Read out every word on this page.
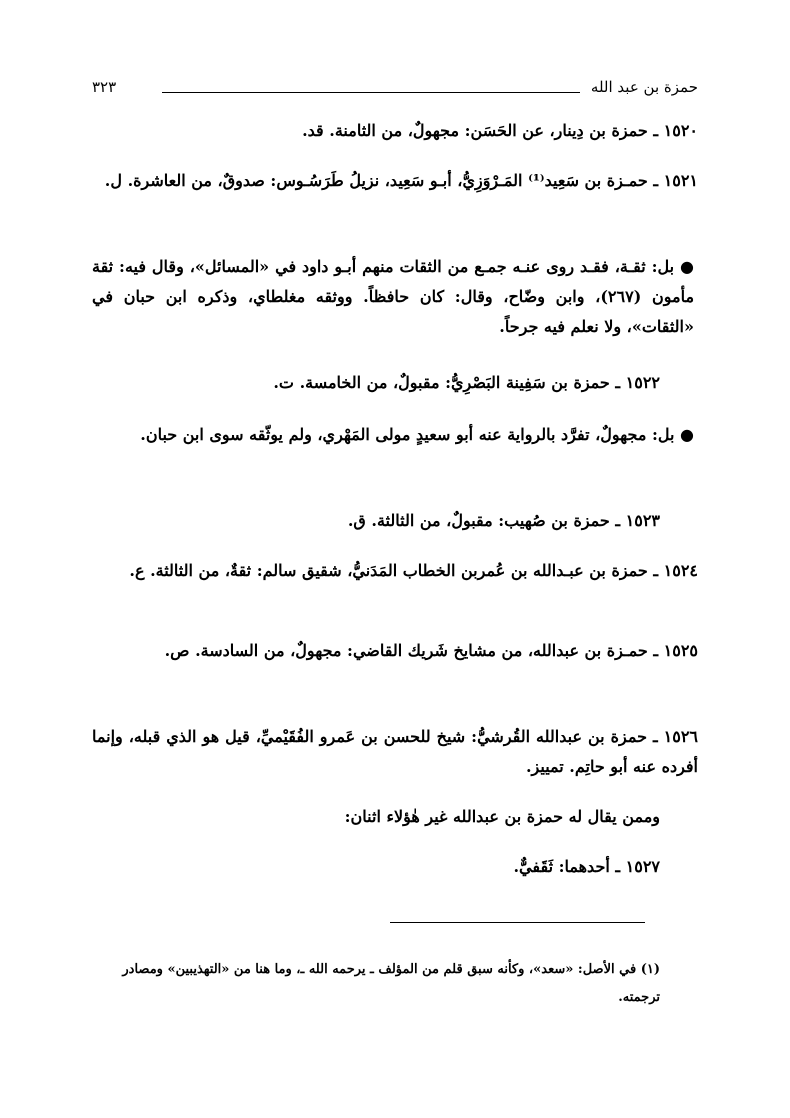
حمزة بن عبد الله
٣٢٣
١٥٢٠ ـ حمزة بن دِينار، عن الحَسَن: مجهولٌ، من الثامنة. قد.
١٥٢١ ـ حمـزة بن سَعِيد⁽¹⁾ المَـرْوَزِيُّ، أبـو سَعِيد، نزيلُ طَرَسُـوس: صدوقٌ، من العاشرة. ل.
● بل: ثقـة، فقـد روى عنـه جمـع من الثقات منهم أبـو داود في «المسائل»، وقال فيه: ثقة مأمون (٢٦٧)، وابن وضّاح، وقال: كان حافظاً. ووثقه مغلطاي، وذكره ابن حبان في «الثقات»، ولا نعلم فيه جرحاً.
١٥٢٢ ـ حمزة بن سَفِينة البَصْرِيُّ: مقبولٌ، من الخامسة. ت.
● بل: مجهولٌ، تفرَّد بالرواية عنه أبو سعيدٍ مولى المَهْري، ولم يوثّقه سوى ابن حبان.
١٥٢٣ ـ حمزة بن صُهيب: مقبولٌ، من الثالثة. ق.
١٥٢٤ ـ حمزة بن عبـدالله بن عُمربن الخطاب المَدَنيُّ، شقيق سالم: ثقةٌ، من الثالثة. ع.
١٥٢٥ ـ حمـزة بن عبدالله، من مشايخ شَريك القاضي: مجهولٌ، من السادسة. ص.
١٥٢٦ ـ حمزة بن عبدالله القُرشيُّ: شيخ للحسن بن عَمرو الفُقَيْميِّ، قيل هو الذي قبله، وإنما أفرده عنه أبو حاتِم. تمييز.
وممن يقال له حمزة بن عبدالله غير هٰؤلاء اثنان:
١٥٢٧ ـ أحدهما: ثَقَفيٌّ.
(١) في الأصل: «سعد»، وكأنه سبق قلم من المؤلف ـ يرحمه الله ـ، وما هنا من «التهذيبين» ومصادر ترجمته.
